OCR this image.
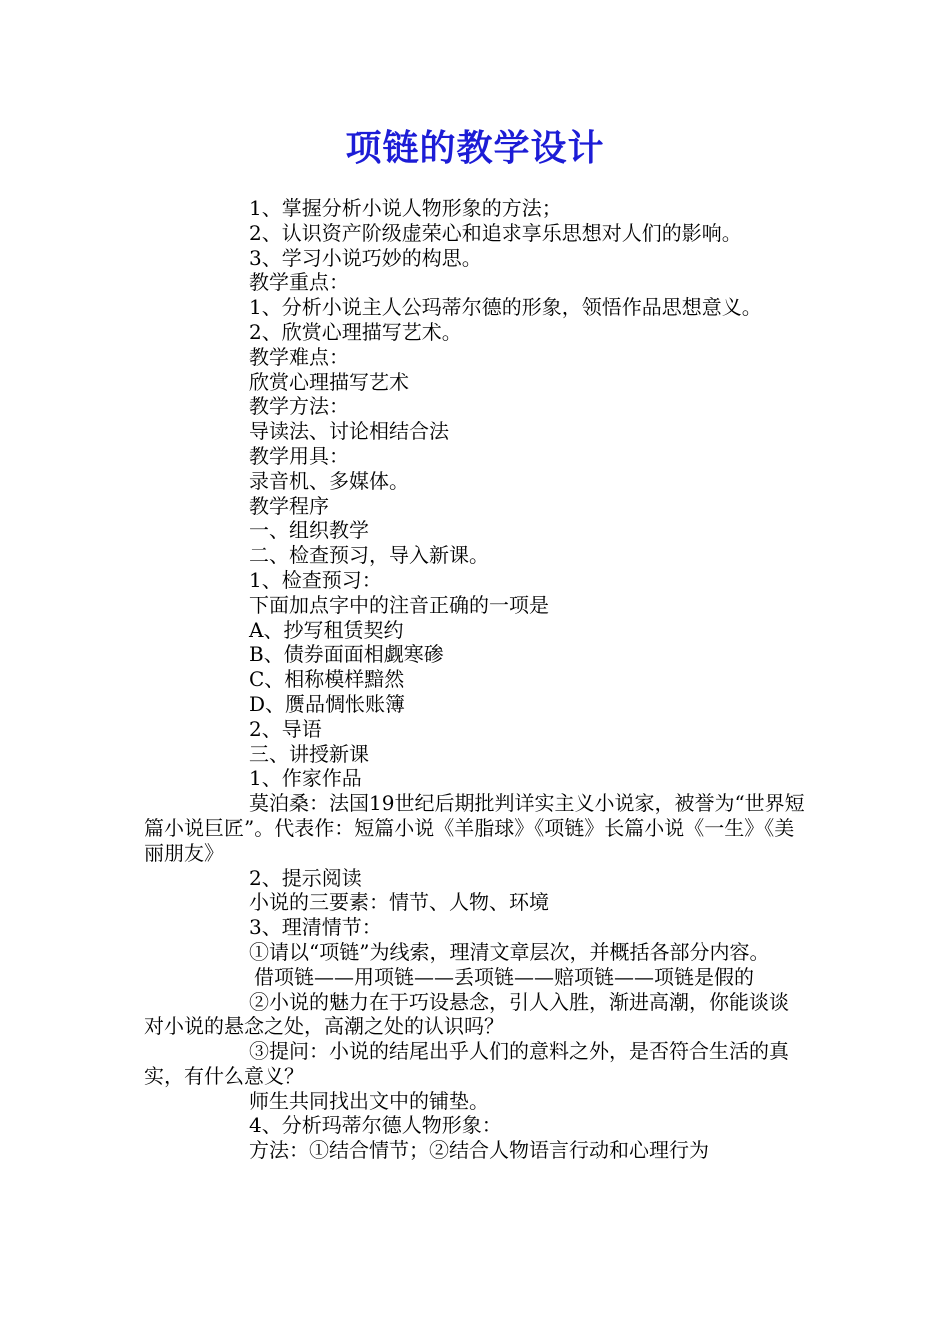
项链的教学设计

1、掌握分析小说人物形象的方法；

2、认识资产阶级虚荣心和追求享乐思想对人们的影响。

3、学习小说巧妙的构思。

教学重点：

1、分析小说主人公玛蒂尔德的形象，领悟作品思想意义。

2、欣赏心理描写艺术。

教学难点：

欣赏心理描写艺术

教学方法：

导读法、讨论相结合法

教学用具：

录音机、多媒体。

教学程序

一、组织教学

二、检查预习，导入新课。

1、检查预习：

下面加点字中的注音正确的一项是

A、抄写租赁契约

B、债券面面相觑寒碜

C、相称模样黯然

D、赝品惆怅账簿

2、导语

三、讲授新课

1、作家作品

莫泊桑：法国19世纪后期批判详实主义小说家，被誉为“世界短篇小说巨匠”。代表作：短篇小说《羊脂球》《项链》长篇小说《一生》《美丽朋友》

2、提示阅读

小说的三要素：情节、人物、环境

3、理清情节：

①请以“项链”为线索，理清文章层次，并概括各部分内容。

借项链——用项链——丢项链——赔项链——项链是假的

②小说的魅力在于巧设悬念，引人入胜，渐进高潮，你能谈谈对小说的悬念之处，高潮之处的认识吗？

③提问：小说的结尾出乎人们的意料之外，是否符合生活的真实，有什么意义？

师生共同找出文中的铺垫。

4、分析玛蒂尔德人物形象：

方法：①结合情节；②结合人物语言行动和心理行为
